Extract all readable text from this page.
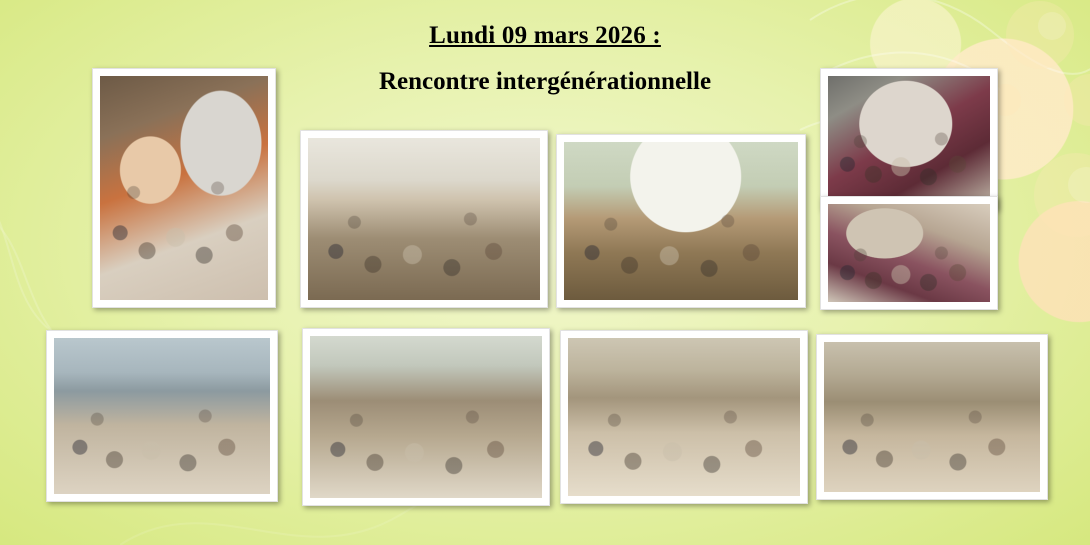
Lundi 09 mars 2026 :
Rencontre intergénérationnelle
